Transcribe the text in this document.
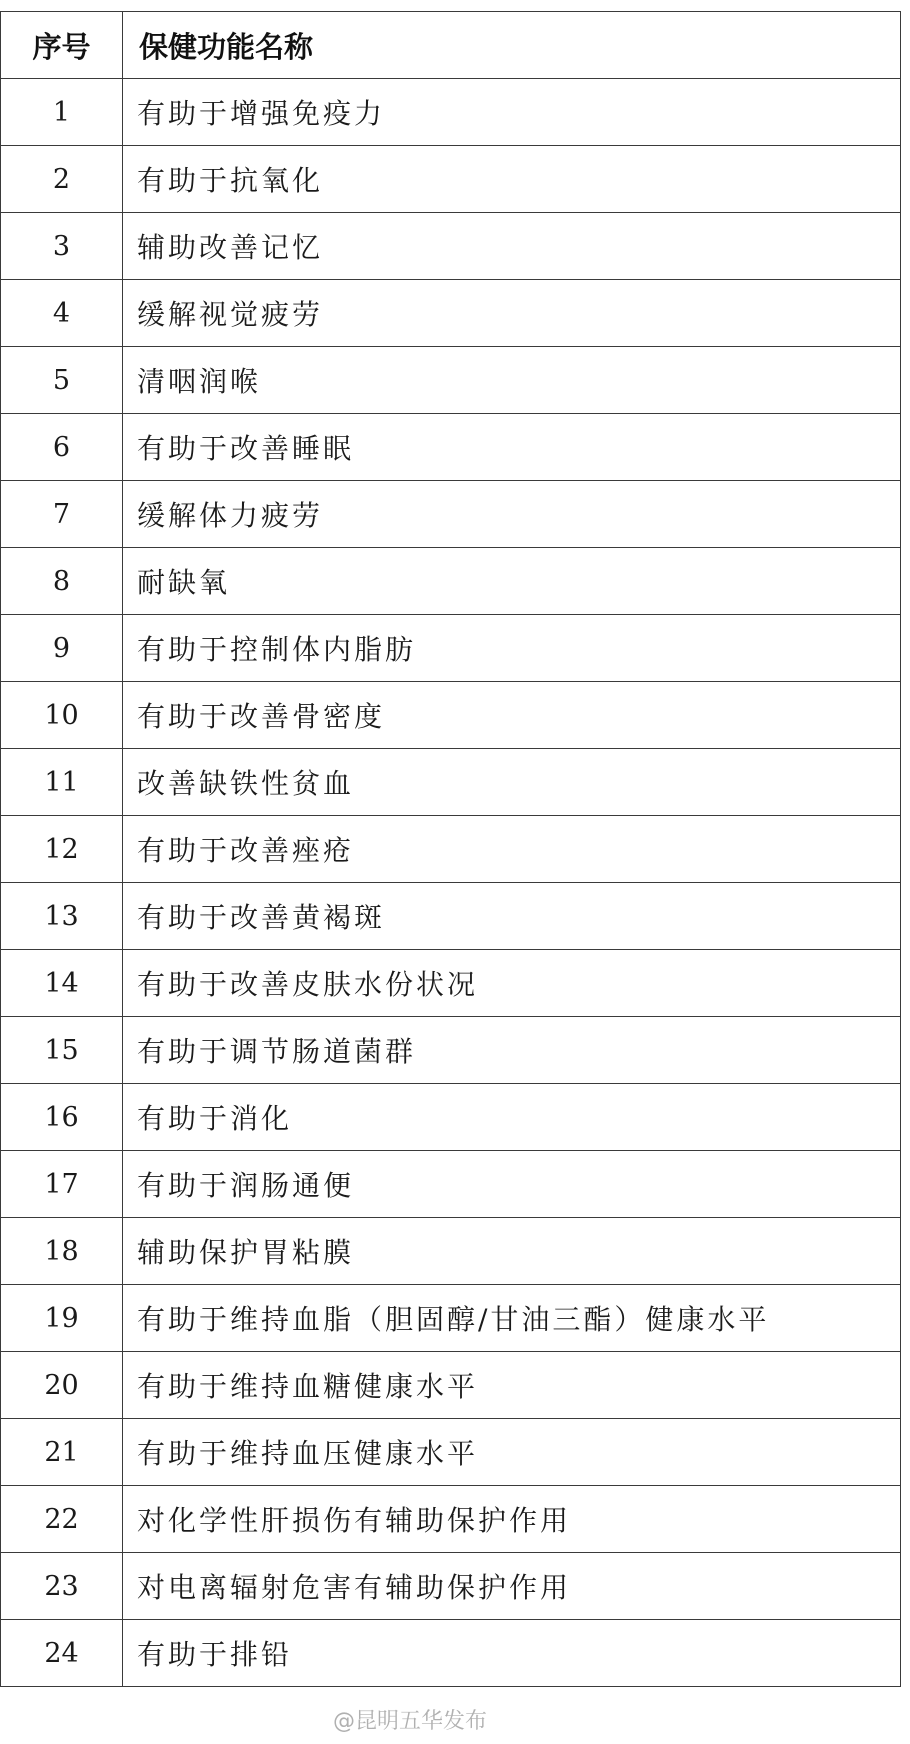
序号	保健功能名称
1	有助于增强免疫力
2	有助于抗氧化
3	辅助改善记忆
4	缓解视觉疲劳
5	清咽润喉
6	有助于改善睡眠
7	缓解体力疲劳
8	耐缺氧
9	有助于控制体内脂肪
10	有助于改善骨密度
11	改善缺铁性贫血
12	有助于改善痤疮
13	有助于改善黄褐斑
14	有助于改善皮肤水份状况
15	有助于调节肠道菌群
16	有助于消化
17	有助于润肠通便
18	辅助保护胃粘膜
19	有助于维持血脂（胆固醇/甘油三酯）健康水平
20	有助于维持血糖健康水平
21	有助于维持血压健康水平
22	对化学性肝损伤有辅助保护作用
23	对电离辐射危害有辅助保护作用
24	有助于排铅
@昆明五华发布
